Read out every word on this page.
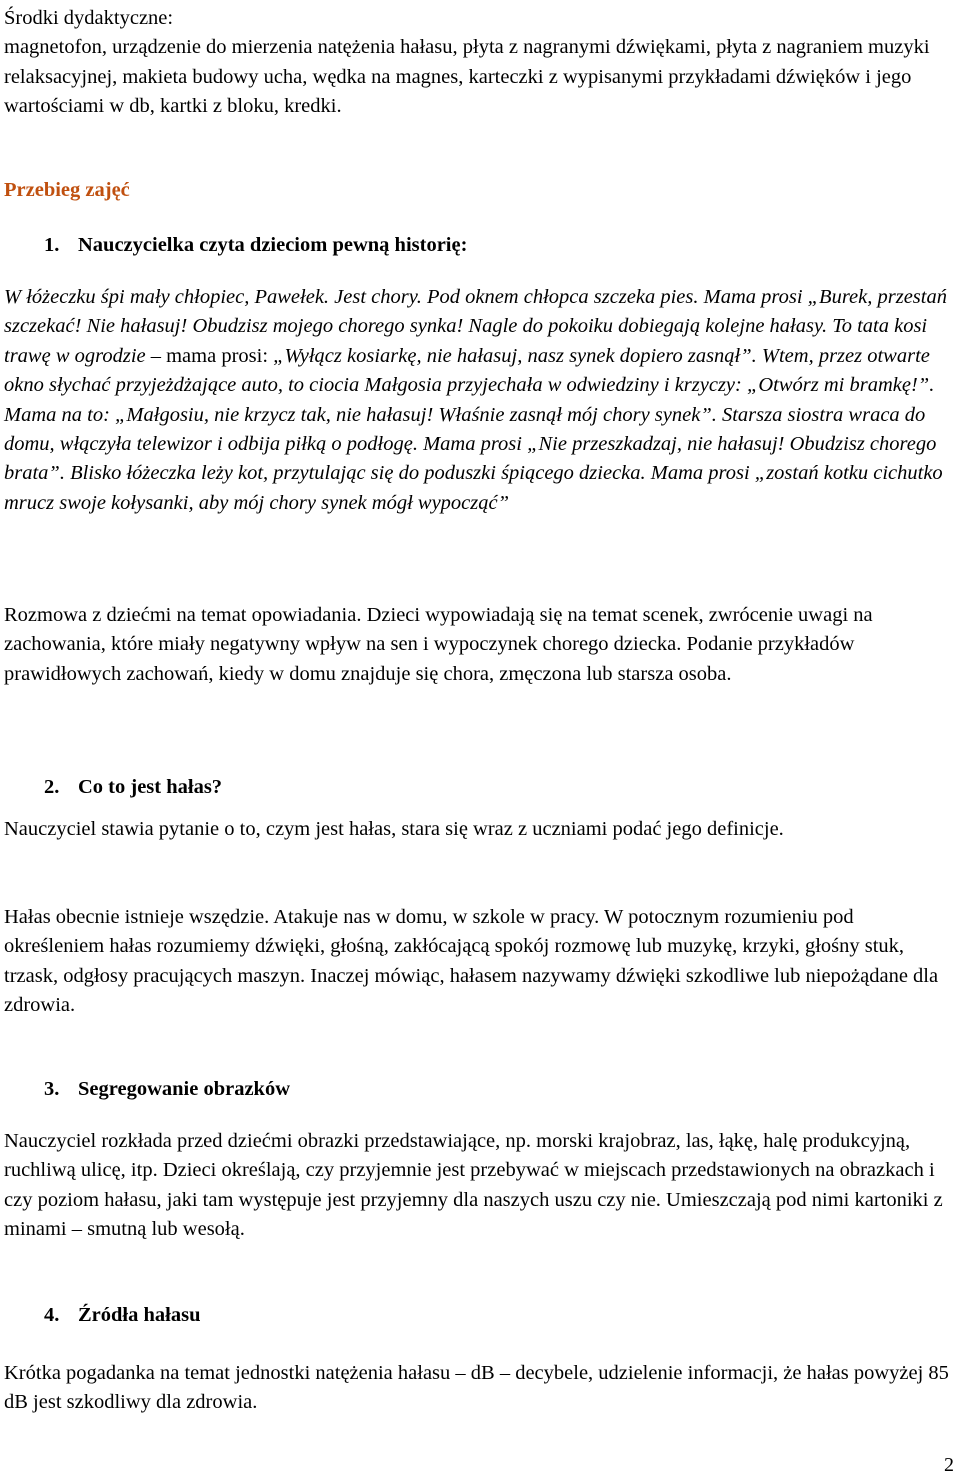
Środki dydaktyczne:
magnetofon, urządzenie do mierzenia natężenia hałasu, płyta z nagranymi dźwiękami, płyta z nagraniem muzyki relaksacyjnej, makieta budowy ucha, wędka na magnes, karteczki z wypisanymi przykładami dźwięków i jego wartościami w db, kartki z bloku, kredki.
Przebieg zajęć
1. Nauczycielka czyta dzieciom pewną historię:
W łóżeczku śpi mały chłopiec, Pawełek. Jest chory. Pod oknem chłopca szczeka pies. Mama prosi „Burek, przestań szczekać! Nie hałasuj! Obudzisz mojego chorego synka! Nagle do pokoiku dobiegają kolejne hałasy. To tata kosi trawę w ogrodzie – mama prosi: „Wyłącz kosiarkę, nie hałasuj, nasz synek dopiero zasnął”. Wtem, przez otwarte okno słychać przyjeżdżające auto, to ciocia Małgosia przyjechała w odwiedziny i krzyczy: „Otwórz mi bramkę!”. Mama na to: „Małgosiu, nie krzycz tak, nie hałasuj! Właśnie zasnął mój chory synek”. Starsza siostra wraca do domu, włączyła telewizor i odbija piłką o podłogę. Mama prosi „Nie przeszkadzaj, nie hałasuj! Obudzisz chorego brata”. Blisko łóżeczka leży kot, przytulając się do poduszki śpiącego dziecka. Mama prosi „zostań kotku cichutko mrucz swoje kołysanki, aby mój chory synek mógł wypocząć”
Rozmowa z dziećmi na temat opowiadania. Dzieci wypowiadają się na temat scenek, zwrócenie uwagi na zachowania, które miały negatywny wpływ na sen i wypoczynek chorego dziecka. Podanie przykładów prawidłowych zachowań, kiedy w domu znajduje się chora, zmęczona lub starsza osoba.
2. Co to jest hałas?
Nauczyciel stawia pytanie o to, czym jest hałas, stara się wraz z uczniami podać jego definicje.
Hałas obecnie istnieje wszędzie. Atakuje nas w domu, w szkole w pracy. W potocznym rozumieniu pod określeniem hałas rozumiemy dźwięki, głośną, zakłócającą spokój rozmowę lub muzykę, krzyki, głośny stuk, trzask, odgłosy pracujących maszyn. Inaczej mówiąc, hałasem nazywamy dźwięki szkodliwe lub niepożądane dla zdrowia.
3. Segregowanie obrazków
Nauczyciel rozkłada przed dziećmi obrazki przedstawiające, np. morski krajobraz, las, łąkę, halę produkcyjną, ruchliwą ulicę, itp. Dzieci określają, czy przyjemnie jest przebywać w miejscach przedstawionych na obrazkach i czy poziom hałasu, jaki tam występuje jest przyjemny dla naszych uszu czy nie. Umieszczają pod nimi kartoniki z minami – smutną lub wesołą.
4. Źródła hałasu
Krótka pogadanka na temat jednostki natężenia hałasu – dB – decybele, udzielenie informacji, że hałas powyżej 85 dB jest szkodliwy dla zdrowia.
2
